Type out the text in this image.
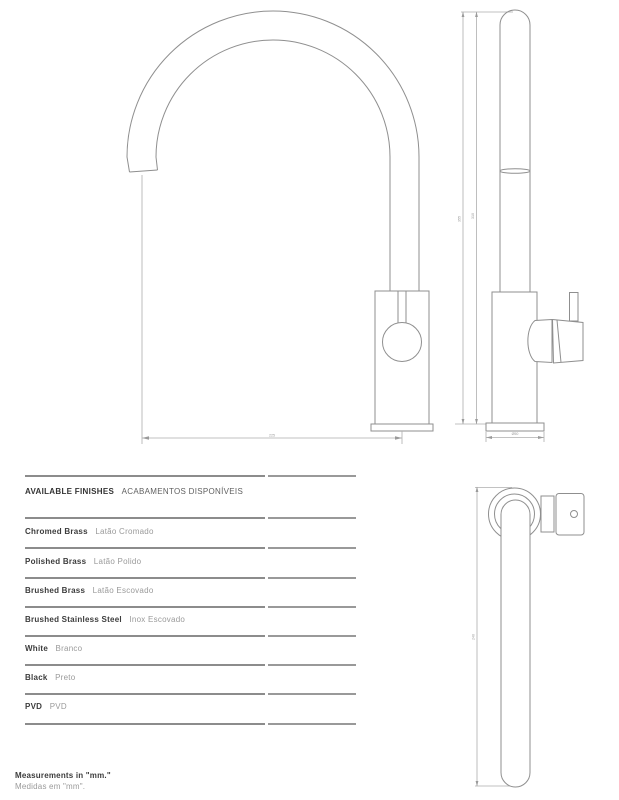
225
355	310
Ø50
240
AVAILABLE FINISHES ACABAMENTOS DISPONÍVEIS
Chromed Brass Latão Cromado
Polished Brass Latão Polido
Brushed Brass Latão Escovado
Brushed Stainless Steel Inox Escovado
White Branco
Black Preto
PVD PVD
Measurements in "mm."
Medidas em "mm".
